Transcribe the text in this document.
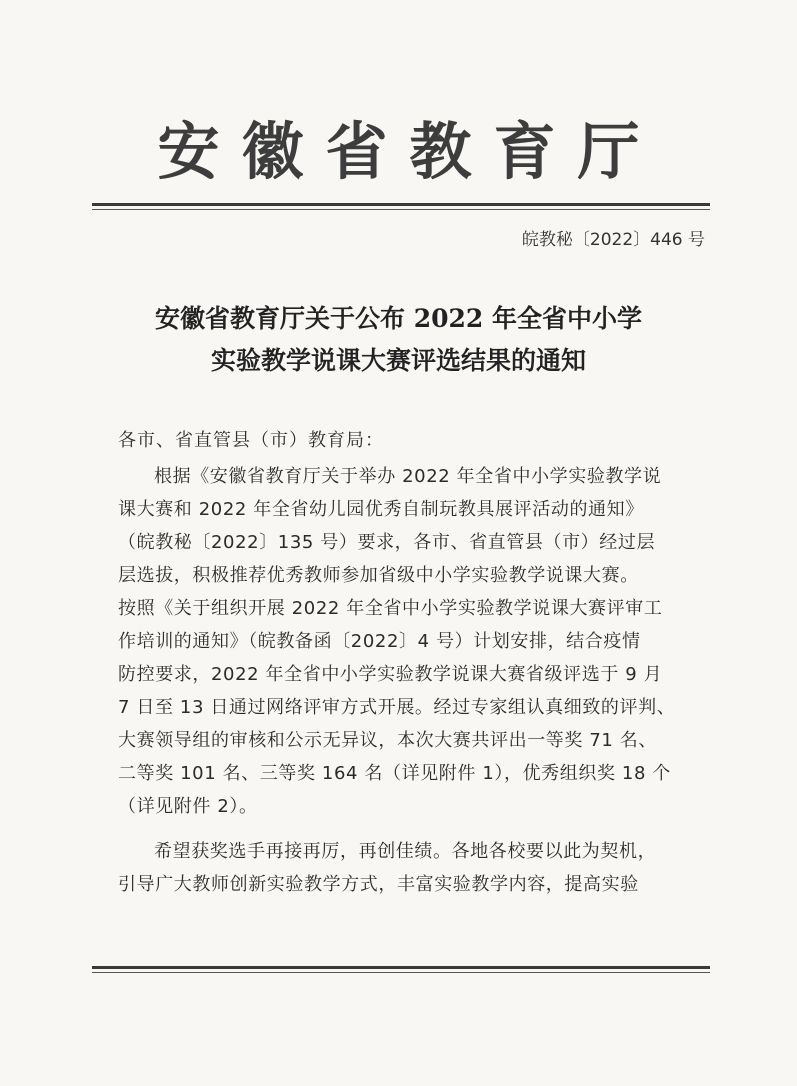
安徽省教育厅
皖教秘〔2022〕446 号
安徽省教育厅关于公布 2022 年全省中小学
实验教学说课大赛评选结果的通知
各市、省直管县（市）教育局：
根据《安徽省教育厅关于举办 2022 年全省中小学实验教学说
课大赛和 2022 年全省幼儿园优秀自制玩教具展评活动的通知》
（皖教秘〔2022〕135 号）要求，各市、省直管县（市）经过层
层选拔，积极推荐优秀教师参加省级中小学实验教学说课大赛。
按照《关于组织开展 2022 年全省中小学实验教学说课大赛评审工
作培训的通知》（皖教备函〔2022〕4 号）计划安排，结合疫情
防控要求，2022 年全省中小学实验教学说课大赛省级评选于 9 月
7 日至 13 日通过网络评审方式开展。经过专家组认真细致的评判、
大赛领导组的审核和公示无异议，本次大赛共评出一等奖 71 名、
二等奖 101 名、三等奖 164 名（详见附件 1），优秀组织奖 18 个
（详见附件 2）。
希望获奖选手再接再厉，再创佳绩。各地各校要以此为契机，
引导广大教师创新实验教学方式，丰富实验教学内容，提高实验
